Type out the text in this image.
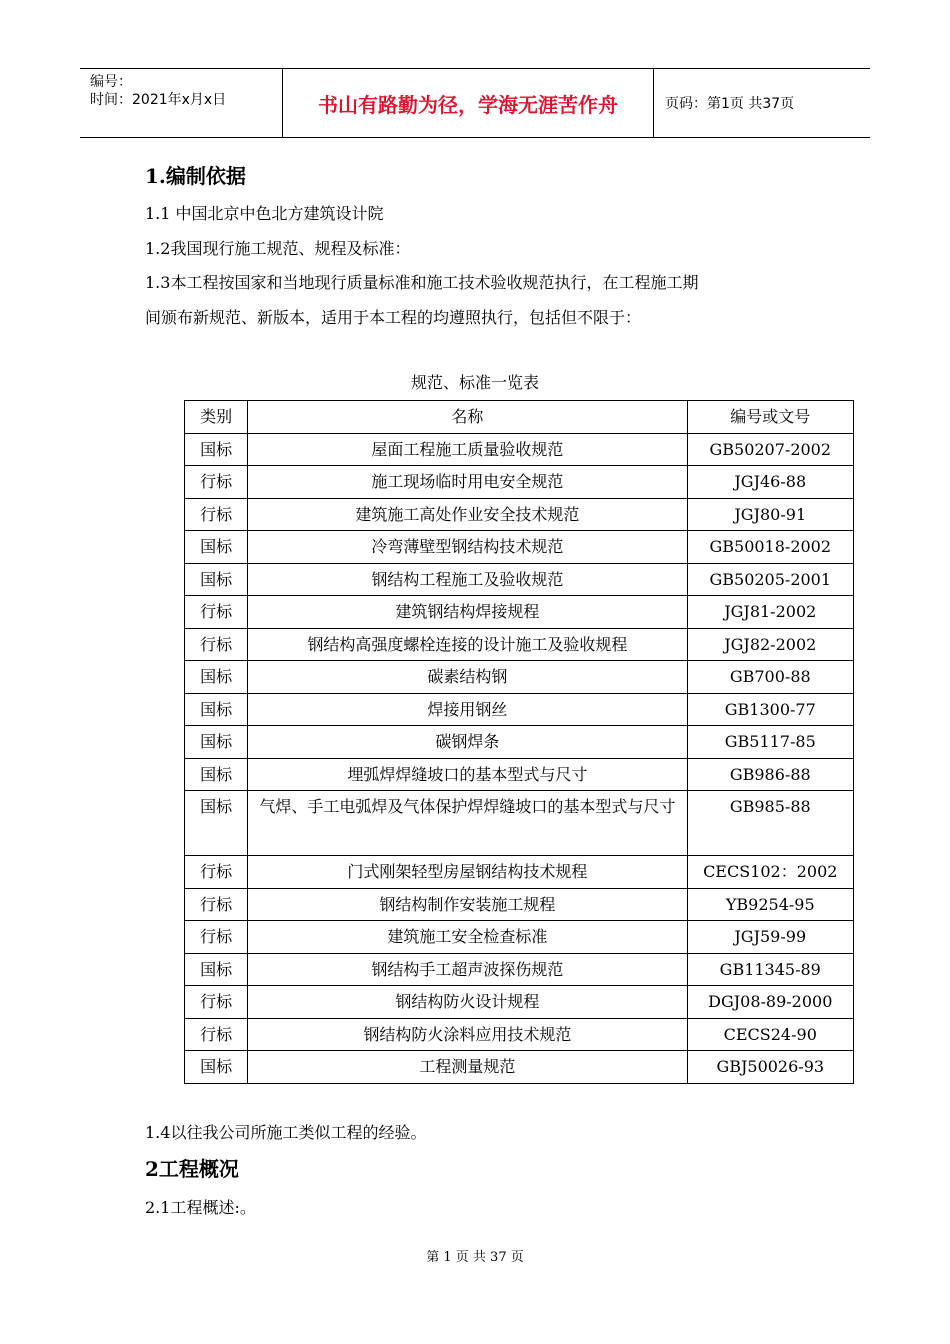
编号：
时间：2021年x月x日	书山有路勤为径，学海无涯苦作舟	页码：第1页 共37页
1.编制依据
1.1 中国北京中色北方建筑设计院
1.2我国现行施工规范、规程及标准：
1.3本工程按国家和当地现行质量标准和施工技术验收规范执行，在工程施工期
间颁布新规范、新版本，适用于本工程的均遵照执行，包括但不限于：
规范、标准一览表
类别	名称	编号或文号
国标	屋面工程施工质量验收规范	GB50207-2002
行标	施工现场临时用电安全规范	JGJ46-88
行标	建筑施工高处作业安全技术规范	JGJ80-91
国标	冷弯薄壁型钢结构技术规范	GB50018-2002
国标	钢结构工程施工及验收规范	GB50205-2001
行标	建筑钢结构焊接规程	JGJ81-2002
行标	钢结构高强度螺栓连接的设计施工及验收规程	JGJ82-2002
国标	碳素结构钢	GB700-88
国标	焊接用钢丝	GB1300-77
国标	碳钢焊条	GB5117-85
国标	埋弧焊焊缝坡口的基本型式与尺寸	GB986-88
国标	气焊、手工电弧焊及气体保护焊焊缝坡口的基本型式与尺寸	GB985-88
行标	门式刚架轻型房屋钢结构技术规程	CECS102：2002
行标	钢结构制作安装施工规程	YB9254-95
行标	建筑施工安全检查标准	JGJ59-99
国标	钢结构手工超声波探伤规范	GB11345-89
行标	钢结构防火设计规程	DGJ08-89-2000
行标	钢结构防火涂料应用技术规范	CECS24-90
国标	工程测量规范	GBJ50026-93
1.4以往我公司所施工类似工程的经验。
2工程概况
2.1工程概述:。
第 1 页 共 37 页
